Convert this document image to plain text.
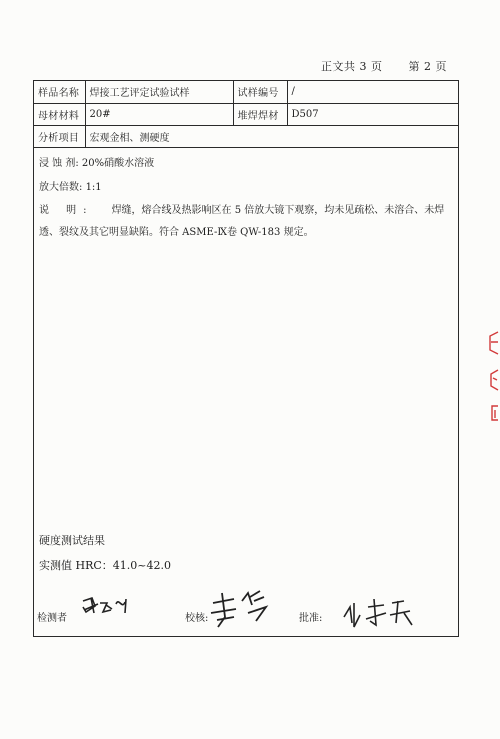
正文共 3 页 第 2 页
样品名称	焊接工艺评定试验试样	试样编号	/
母材材料	20#	堆焊焊材	D507
分析项目	宏观金相、测硬度		
浸 蚀 剂: 20%硝酸水溶液
放大倍数: 1:1
说 明: 焊缝，熔合线及热影响区在 5 倍放大镜下观察，均未见疏松、未溶合、未焊透、裂纹及其它明显缺陷。符合 ASME-Ⅸ卷 QW-183 规定。
硬度测试结果
实测值 HRC：41.0~42.0
检测者	校核:	批准:
